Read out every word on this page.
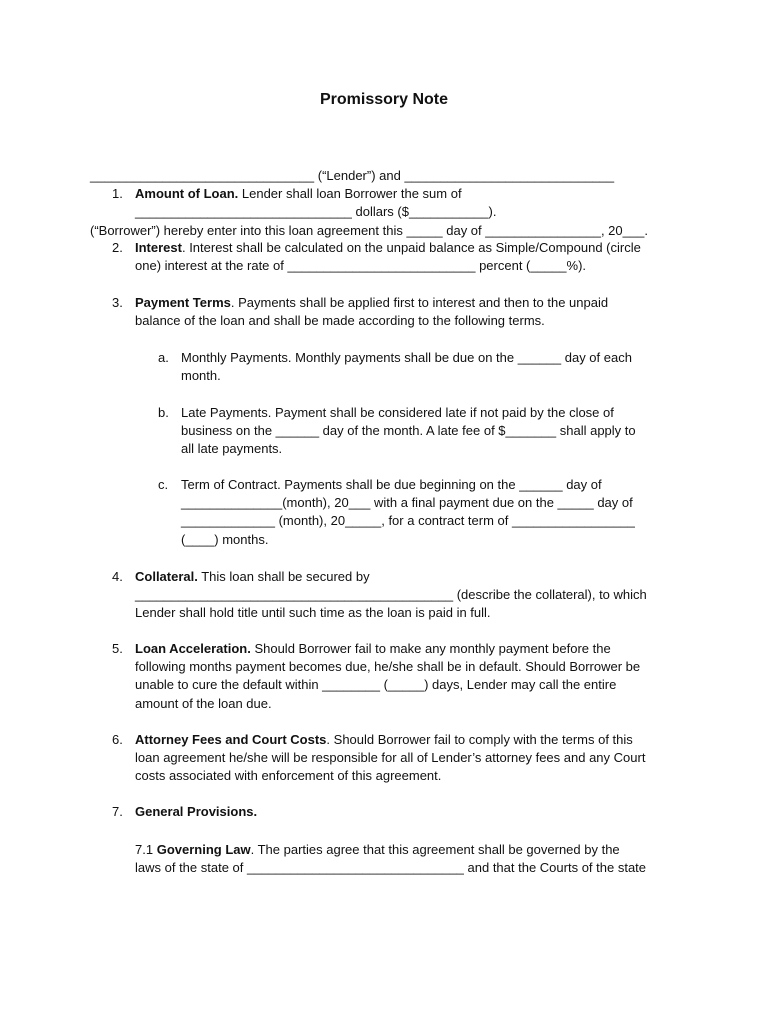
Promissory Note

_______________________________ (“Lender”) and _____________________________

(“Borrower”) hereby enter into this loan agreement this _____ day of ________________, 20___.

1. Amount of Loan. Lender shall loan Borrower the sum of
______________________________ dollars ($___________).
2. Interest. Interest shall be calculated on the unpaid balance as Simple/Compound (circle
one) interest at the rate of __________________________ percent (_____%).
3. Payment Terms. Payments shall be applied first to interest and then to the unpaid
balance of the loan and shall be made according to the following terms.
a. Monthly Payments. Monthly payments shall be due on the ______ day of each
month.
b. Late Payments. Payment shall be considered late if not paid by the close of
business on the ______ day of the month. A late fee of $_______ shall apply to
all late payments.
c. Term of Contract. Payments shall be due beginning on the ______ day of
______________(month), 20___ with a final payment due on the _____ day of
_____________ (month), 20_____, for a contract term of _________________
(____) months.
4. Collateral. This loan shall be secured by
____________________________________________ (describe the collateral), to which
Lender shall hold title until such time as the loan is paid in full.
5. Loan Acceleration. Should Borrower fail to make any monthly payment before the
following months payment becomes due, he/she shall be in default. Should Borrower be
unable to cure the default within ________ (_____) days, Lender may call the entire
amount of the loan due.
6. Attorney Fees and Court Costs. Should Borrower fail to comply with the terms of this
loan agreement he/she will be responsible for all of Lender’s attorney fees and any Court
costs associated with enforcement of this agreement.
7. General Provisions.
7.1 Governing Law. The parties agree that this agreement shall be governed by the
laws of the state of ______________________________ and that the Courts of the state
